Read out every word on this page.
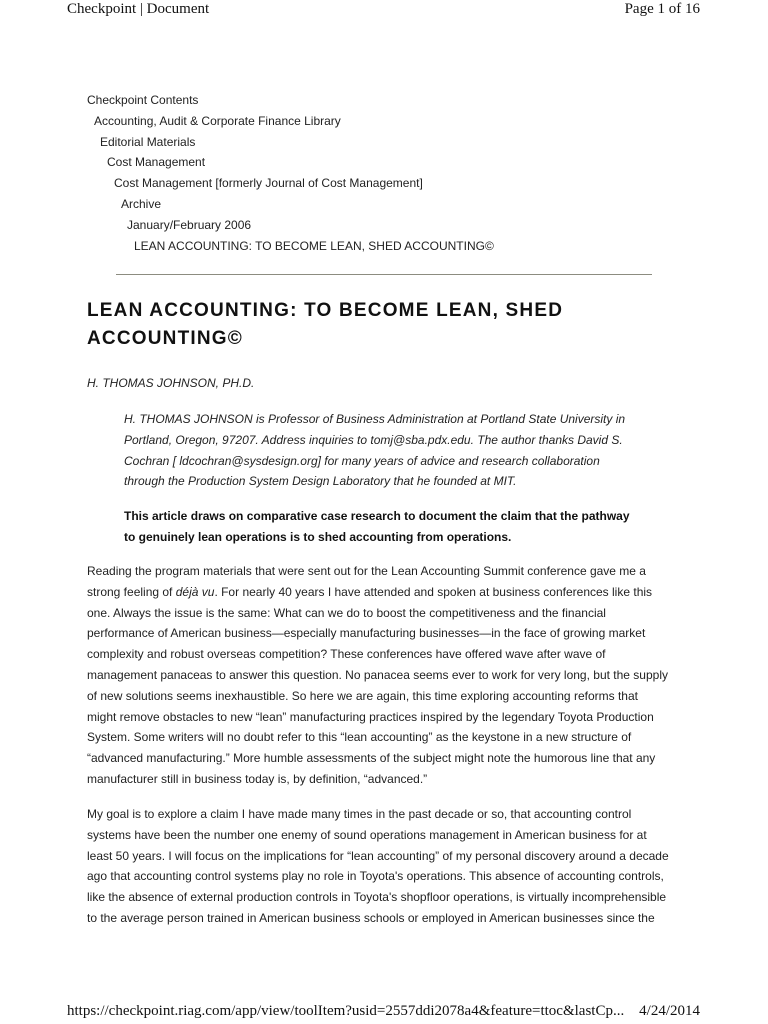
Checkpoint | Document	Page 1 of 16
Checkpoint Contents
Accounting, Audit & Corporate Finance Library
Editorial Materials
Cost Management
Cost Management [formerly Journal of Cost Management]
Archive
January/February 2006
LEAN ACCOUNTING: TO BECOME LEAN, SHED ACCOUNTING©
LEAN ACCOUNTING: TO BECOME LEAN, SHED
ACCOUNTING©
H. THOMAS JOHNSON, PH.D.

H. THOMAS JOHNSON is Professor of Business Administration at Portland State University in
Portland, Oregon, 97207. Address inquiries to tomj@sba.pdx.edu. The author thanks David S.
Cochran [ ldcochran@sysdesign.org] for many years of advice and research collaboration
through the Production System Design Laboratory that he founded at MIT.

This article draws on comparative case research to document the claim that the pathway
to genuinely lean operations is to shed accounting from operations.

Reading the program materials that were sent out for the Lean Accounting Summit conference gave me a
strong feeling of déjà vu. For nearly 40 years I have attended and spoken at business conferences like this
one. Always the issue is the same: What can we do to boost the competitiveness and the financial
performance of American business—especially manufacturing businesses—in the face of growing market
complexity and robust overseas competition? These conferences have offered wave after wave of
management panaceas to answer this question. No panacea seems ever to work for very long, but the supply
of new solutions seems inexhaustible. So here we are again, this time exploring accounting reforms that
might remove obstacles to new “lean” manufacturing practices inspired by the legendary Toyota Production
System. Some writers will no doubt refer to this “lean accounting” as the keystone in a new structure of
“advanced manufacturing.” More humble assessments of the subject might note the humorous line that any
manufacturer still in business today is, by definition, “advanced.”

My goal is to explore a claim I have made many times in the past decade or so, that accounting control
systems have been the number one enemy of sound operations management in American business for at
least 50 years. I will focus on the implications for “lean accounting” of my personal discovery around a decade
ago that accounting control systems play no role in Toyota's operations. This absence of accounting controls,
like the absence of external production controls in Toyota's shopfloor operations, is virtually incomprehensible
to the average person trained in American business schools or employed in American businesses since the

https://checkpoint.riag.com/app/view/toolItem?usid=2557ddi2078a4&feature=ttoc&lastCp... 4/24/2014
